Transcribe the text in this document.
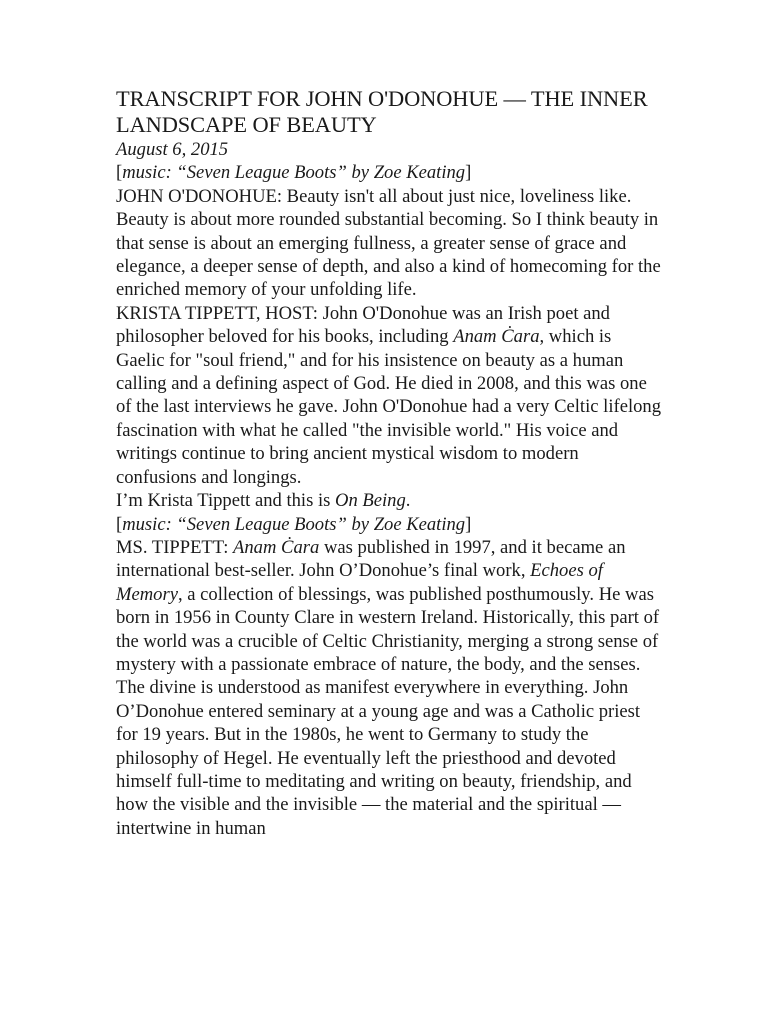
TRANSCRIPT FOR JOHN O'DONOHUE — THE INNER LANDSCAPE OF BEAUTY

August 6, 2015

[music: “Seven League Boots” by Zoe Keating]

JOHN O'DONOHUE: Beauty isn't all about just nice, loveliness like. Beauty is about more rounded substantial becoming. So I think beauty in that sense is about an emerging fullness, a greater sense of grace and elegance, a deeper sense of depth, and also a kind of homecoming for the enriched memory of your unfolding life.

KRISTA TIPPETT, HOST: John O'Donohue was an Irish poet and philosopher beloved for his books, including Anam Ċara, which is Gaelic for "soul friend," and for his insistence on beauty as a human calling and a defining aspect of God. He died in 2008, and this was one of the last interviews he gave. John O'Donohue had a very Celtic lifelong fascination with what he called "the invisible world." His voice and writings continue to bring ancient mystical wisdom to modern confusions and longings.

I’m Krista Tippett and this is On Being.

[music: “Seven League Boots” by Zoe Keating]

MS. TIPPETT: Anam Ċara was published in 1997, and it became an international best-seller. John O’Donohue’s final work, Echoes of Memory, a collection of blessings, was published posthumously. He was born in 1956 in County Clare in western Ireland. Historically, this part of the world was a crucible of Celtic Christianity, merging a strong sense of mystery with a passionate embrace of nature, the body, and the senses. The divine is understood as manifest everywhere in everything. John O’Donohue entered seminary at a young age and was a Catholic priest for 19 years. But in the 1980s, he went to Germany to study the philosophy of Hegel. He eventually left the priesthood and devoted himself full-time to meditating and writing on beauty, friendship, and how the visible and the invisible — the material and the spiritual — intertwine in human
